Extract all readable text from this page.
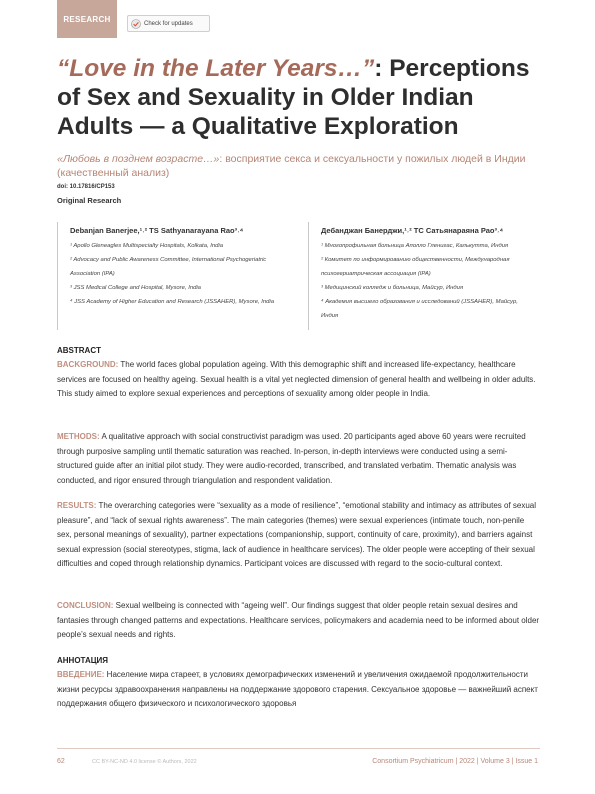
RESEARCH	Check for updates
“Love in the Later Years…”: Perceptions of Sex and Sexuality in Older Indian Adults — a Qualitative Exploration
«Любовь в позднем возрасте…»: восприятие секса и сексуальности у пожилых людей в Индии (качественный анализ)
doi: 10.17816/CP153
Original Research
Debanjan Banerjee,¹˒² TS Sathyanarayana Rao³˒⁴
¹ Apollo Gleneagles Multispecialty Hospitals, Kolkata, India
² Advocacy and Public Awareness Committee, International Psychogeriatric Association (IPA)
³ JSS Medical College and Hospital, Mysore, India
⁴ JSS Academy of Higher Education and Research (JSSAHER), Mysore, India
Дебанджан Банерджи,¹˒² ТС Сатьянараяна Рао³˒⁴
¹ Многопрофильная больница Аполло Гленигас, Калькутта, Индия
² Комитет по информированию общественности, Международная психогериатрическая ассоциация (IPA)
³ Медицинский колледж и больница, Майсур, Индия
⁴ Академия высшего образования и исследований (JSSAHER), Майсур, Индия
ABSTRACT

BACKGROUND: The world faces global population ageing. With this demographic shift and increased life-expectancy, healthcare services are focused on healthy ageing. Sexual health is a vital yet neglected dimension of general health and wellbeing in older adults. This study aimed to explore sexual experiences and perceptions of sexuality among older people in India.

METHODS: A qualitative approach with social constructivist paradigm was used. 20 participants aged above 60 years were recruited through purposive sampling until thematic saturation was reached. In-person, in-depth interviews were conducted using a semi-structured guide after an initial pilot study. They were audio-recorded, transcribed, and translated verbatim. Thematic analysis was conducted, and rigor ensured through triangulation and respondent validation.

RESULTS: The overarching categories were “sexuality as a mode of resilience”, “emotional stability and intimacy as attributes of sexual pleasure”, and “lack of sexual rights awareness”. The main categories (themes) were sexual experiences (intimate touch, non-penile sex, personal meanings of sexuality), partner expectations (companionship, support, continuity of care, proximity), and barriers against sexual expression (social stereotypes, stigma, lack of audience in healthcare services). The older people were accepting of their sexual difficulties and coped through relationship dynamics. Participant voices are discussed with regard to the socio-cultural context.

CONCLUSION: Sexual wellbeing is connected with “ageing well”. Our findings suggest that older people retain sexual desires and fantasies through changed patterns and expectations. Healthcare services, policymakers and academia need to be informed about older people’s sexual needs and rights.

АННОТАЦИЯ

ВВЕДЕНИЕ: Население мира стареет, в условиях демографических изменений и увеличения ожидаемой продолжительности жизни ресурсы здравоохранения направлены на поддержание здорового старения. Сексуальное здоровье — важнейший аспект поддержания общего физического и психологического здоровья

62	CC BY-NC-ND 4.0 license © Authors, 2022	Consortium Psychiatricum | 2022 | Volume 3 | Issue 1
